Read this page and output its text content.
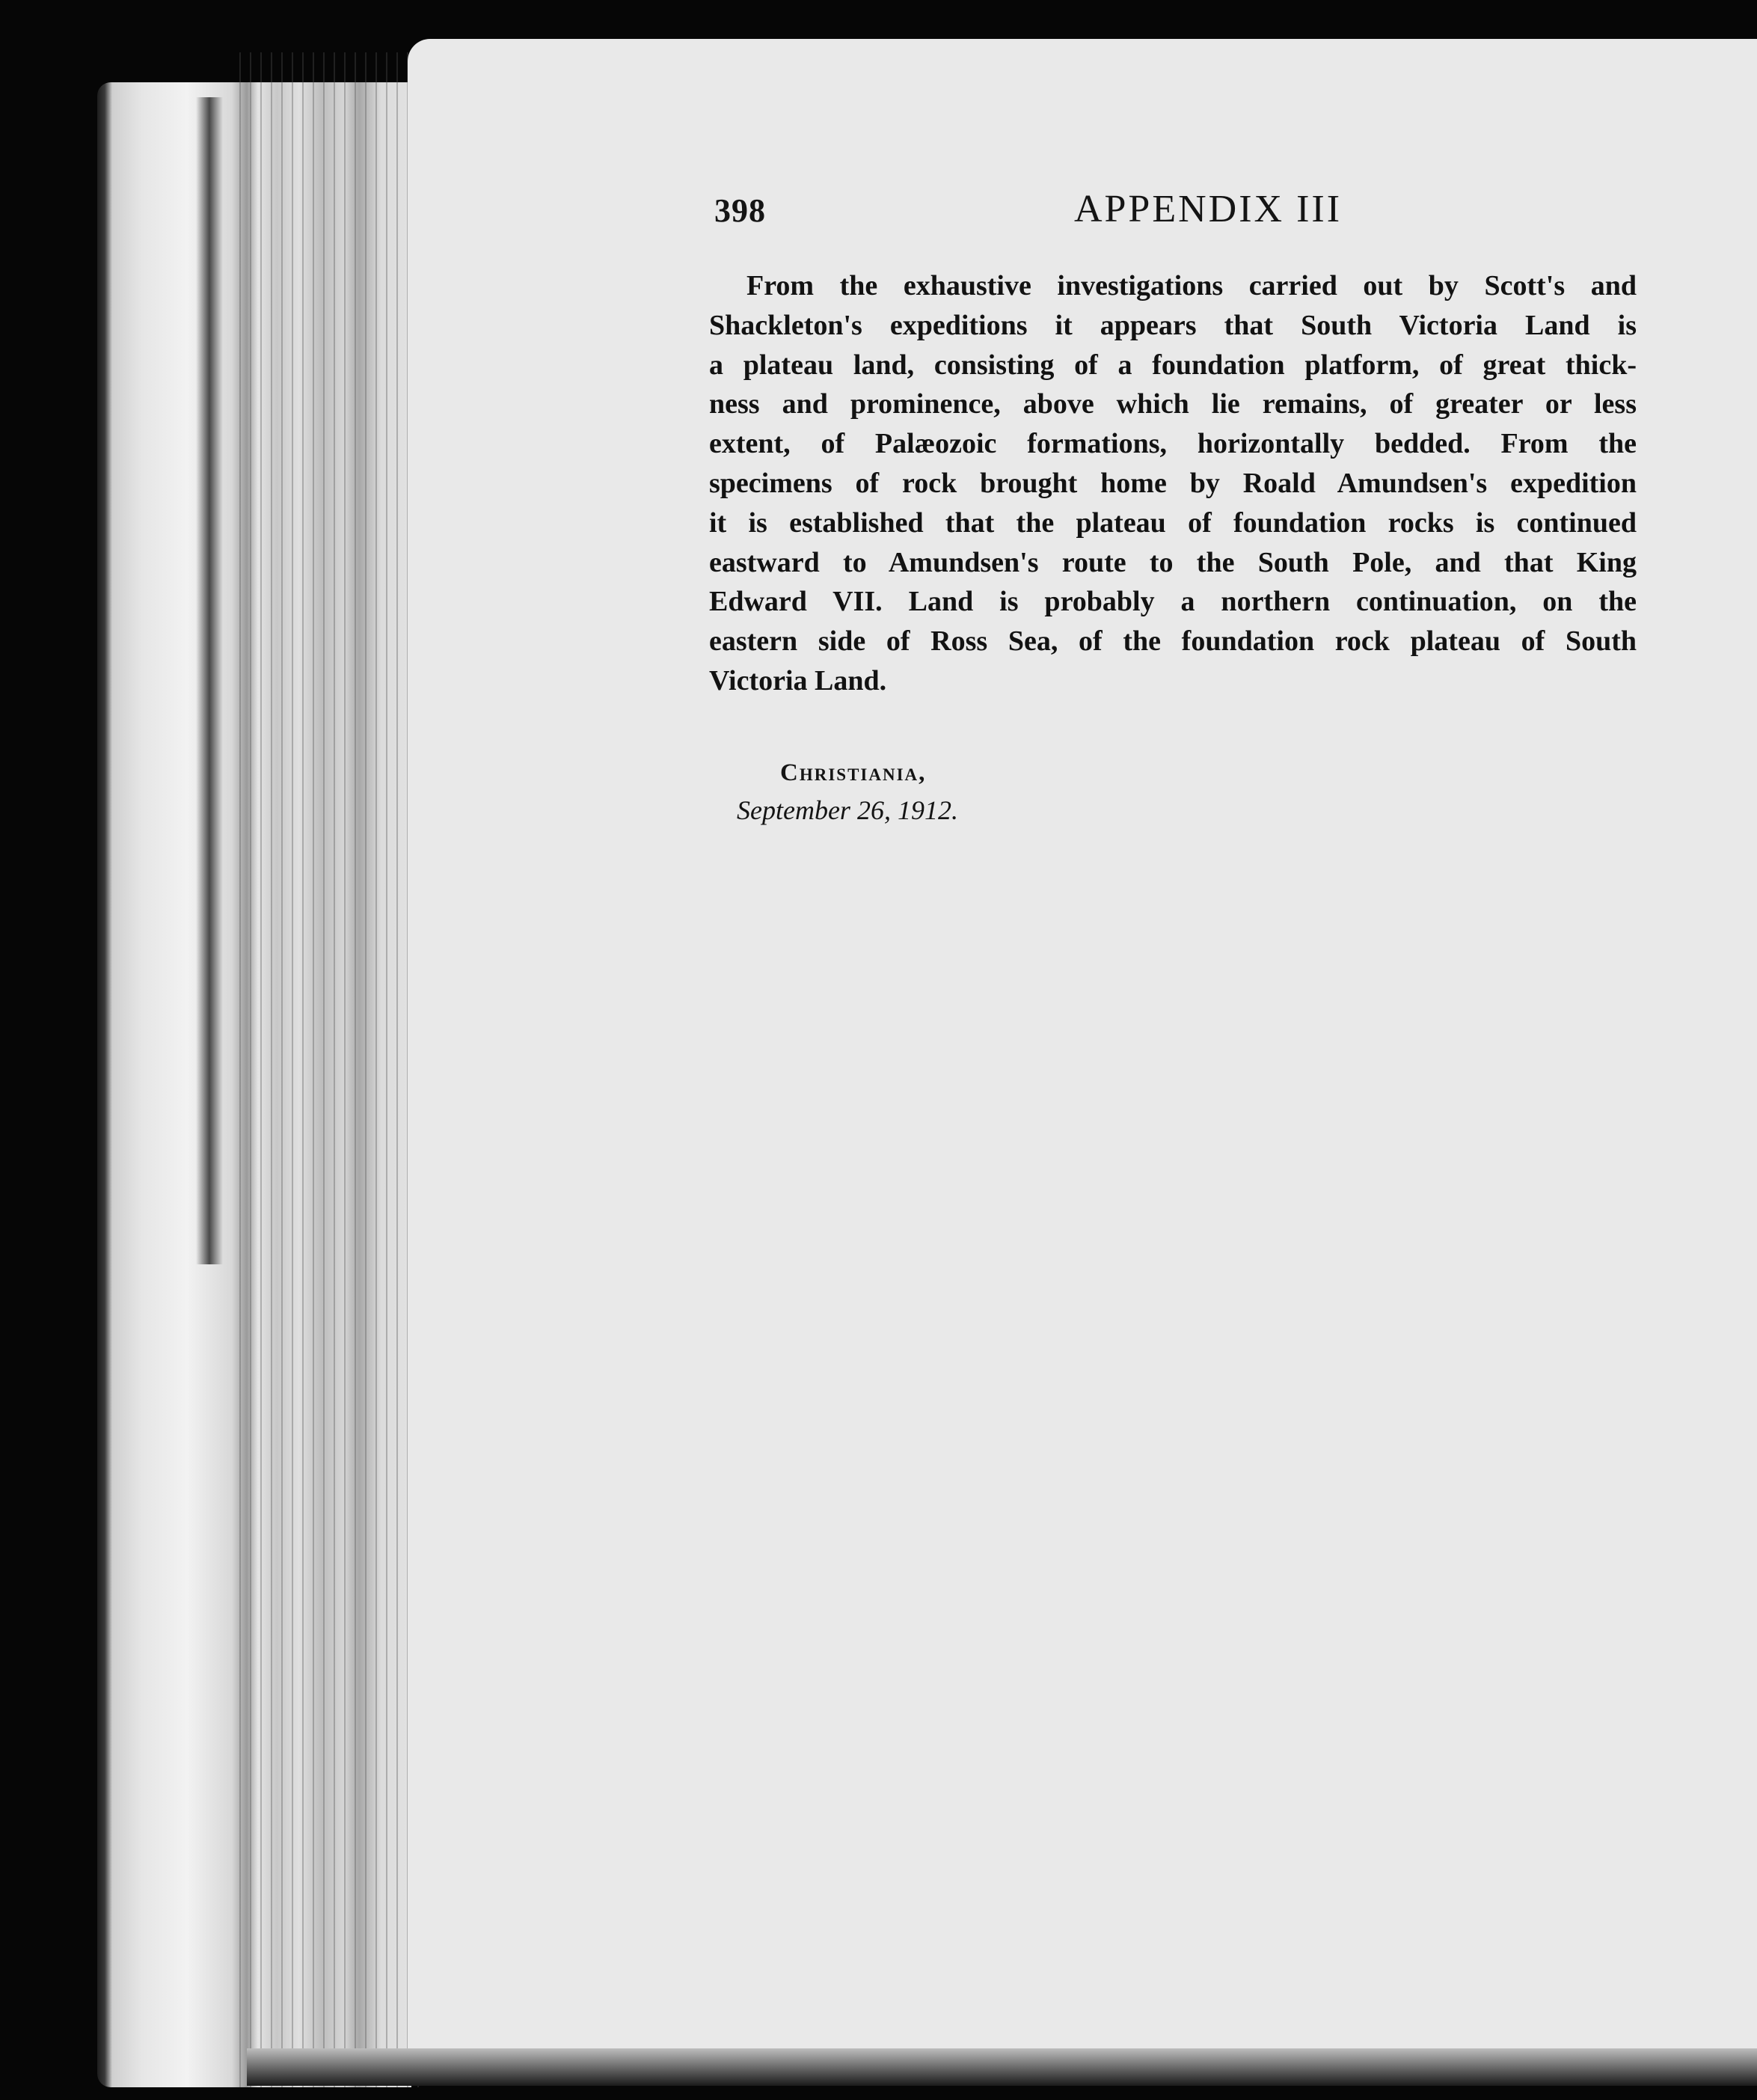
398	APPENDIX III
From the exhaustive investigations carried out by Scott's and
Shackleton's expeditions it appears that South Victoria Land is
a plateau land, consisting of a foundation platform, of great thick-
ness and prominence, above which lie remains, of greater or less
extent, of Palæozoic formations, horizontally bedded. From the
specimens of rock brought home by Roald Amundsen's expedition
it is established that the plateau of foundation rocks is continued
eastward to Amundsen's route to the South Pole, and that King
Edward VII. Land is probably a northern continuation, on the
eastern side of Ross Sea, of the foundation rock plateau of South
Victoria Land.
Christiania,
September 26, 1912.
